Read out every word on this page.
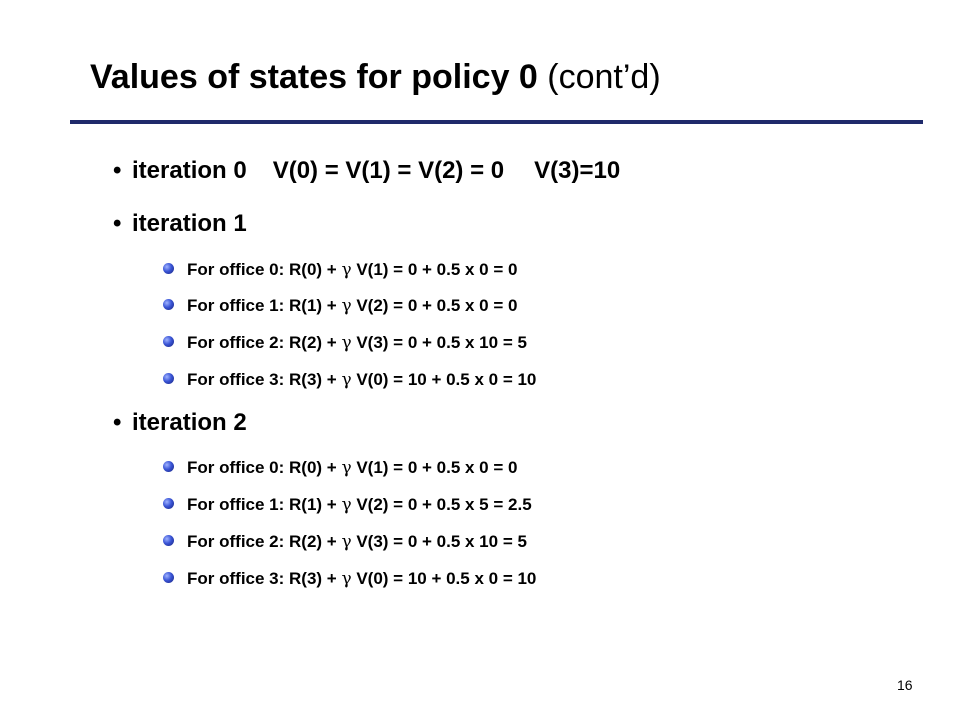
Values of states for policy 0 (cont’d)
• iteration 0 V(0) = V(1) = V(2) = 0 V(3)=10
• iteration 1
For office 0: R(0) + γ V(1) = 0 + 0.5 x 0 = 0
For office 1: R(1) + γ V(2) = 0 + 0.5 x 0 = 0
For office 2: R(2) + γ V(3) = 0 + 0.5 x 10 = 5
For office 3: R(3) + γ V(0) = 10 + 0.5 x 0 = 10
• iteration 2
For office 0: R(0) + γ V(1) = 0 + 0.5 x 0 = 0
For office 1: R(1) + γ V(2) = 0 + 0.5 x 5 = 2.5
For office 2: R(2) + γ V(3) = 0 + 0.5 x 10 = 5
For office 3: R(3) + γ V(0) = 10 + 0.5 x 0 = 10
16
